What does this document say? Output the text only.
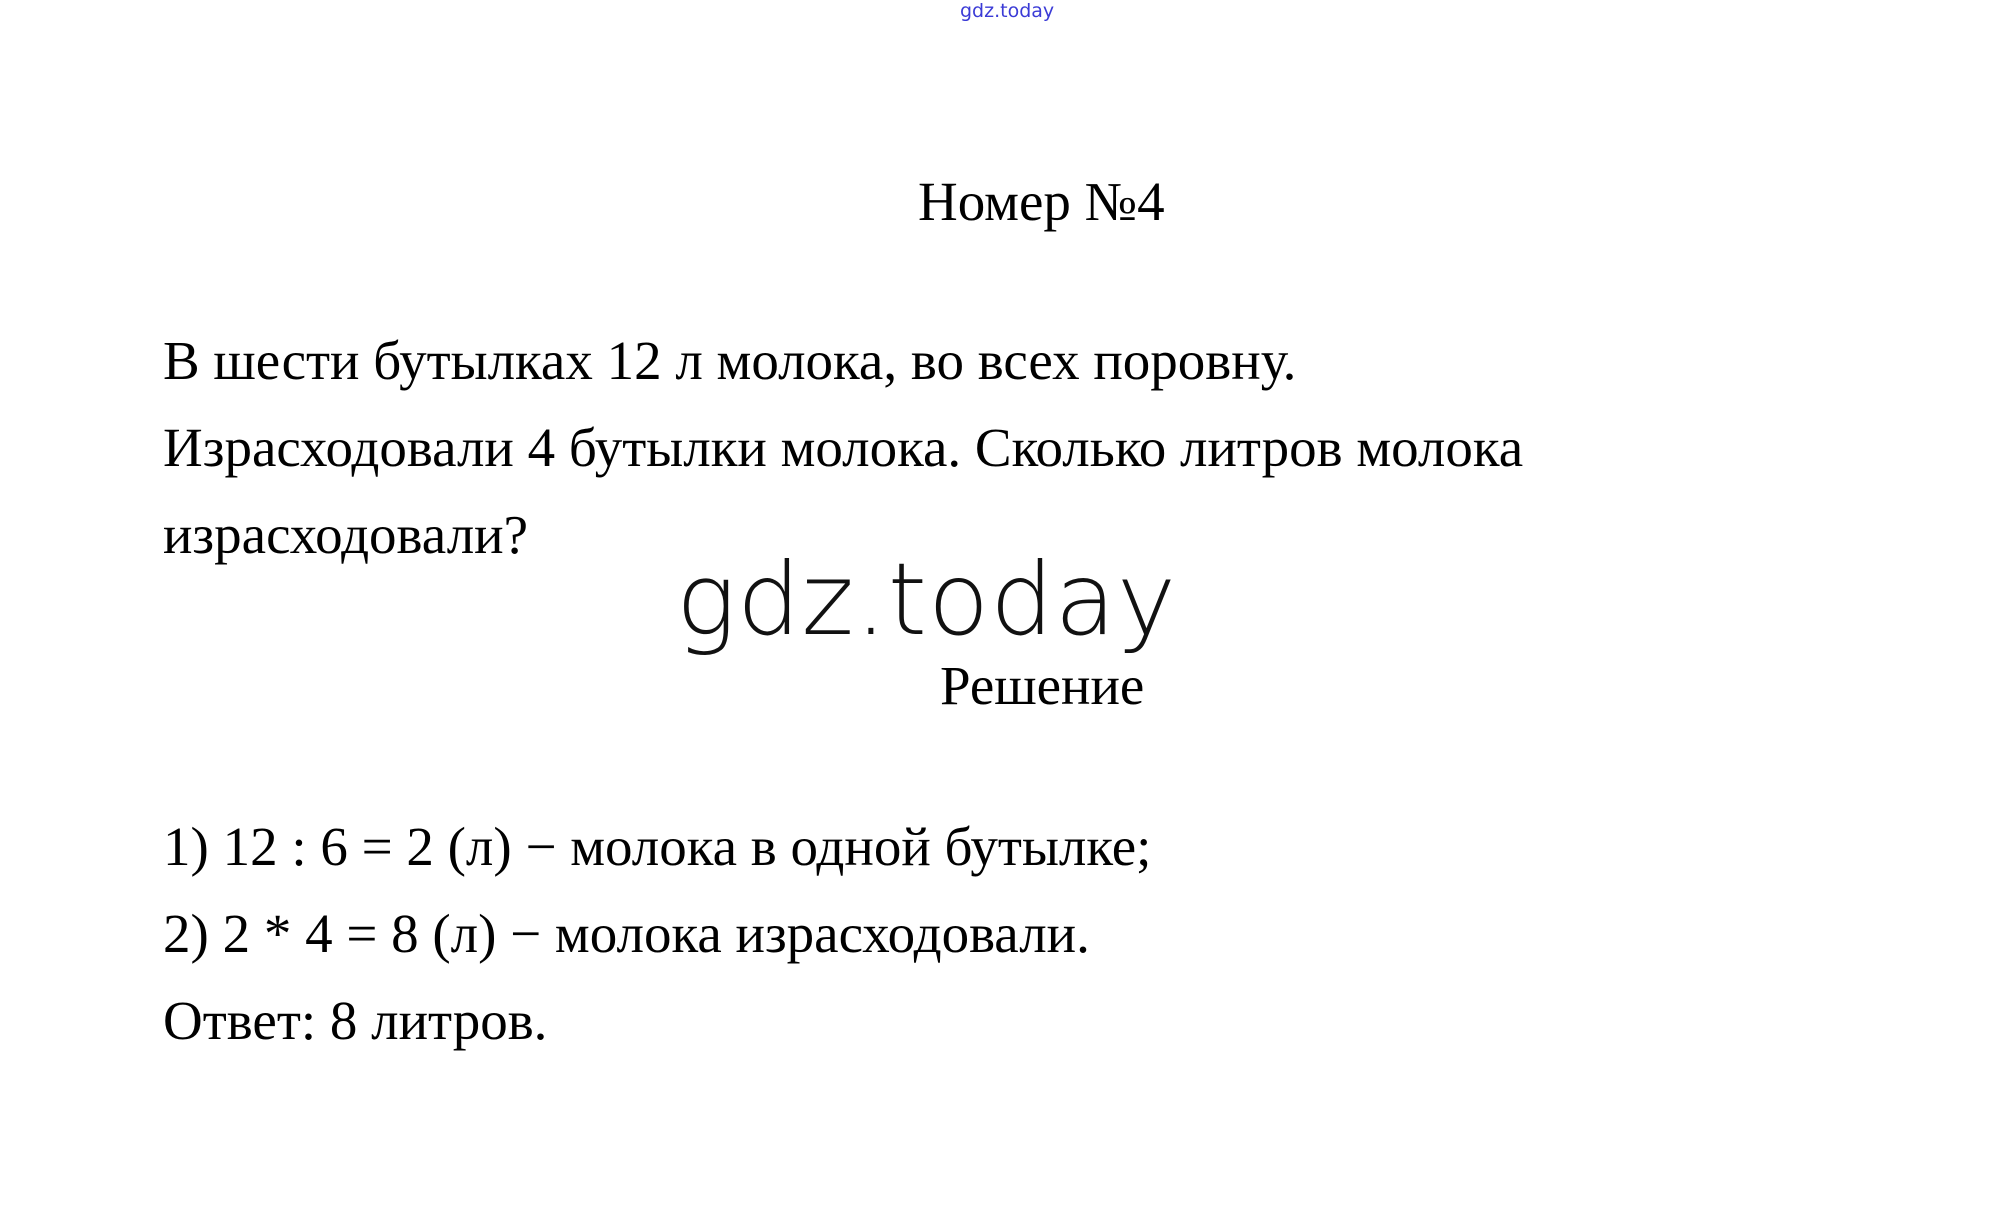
gdz.today
Номер №4
В шести бутылках 12 л молока, во всех поровну.
Израсходовали 4 бутылки молока. Сколько литров молока
израсходовали?
gdz.today
Решение
1) 12 : 6 = 2 (л) − молока в одной бутылке;
2) 2 * 4 = 8 (л) − молока израсходовали.
Ответ: 8 литров.
